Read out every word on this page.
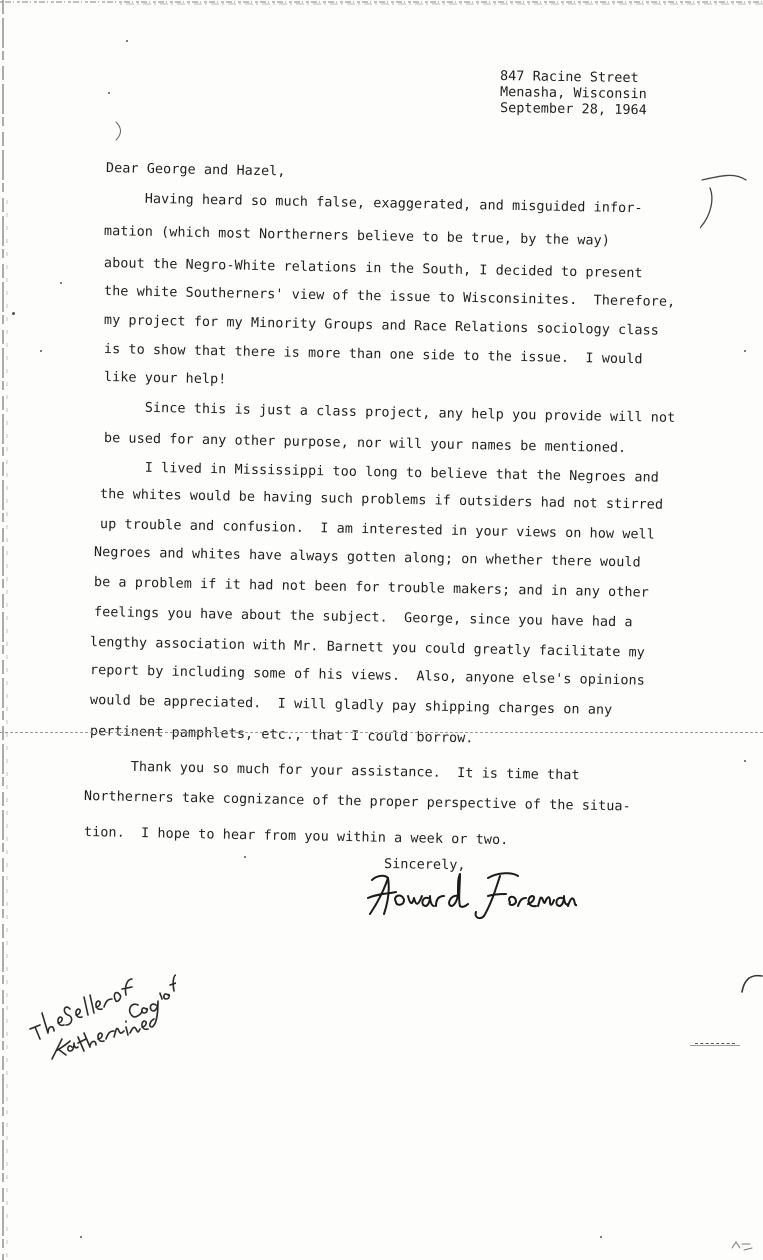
847 Racine Street
Menasha, Wisconsin
September 28, 1964
Dear George and Hazel,
Having heard so much false, exaggerated, and misguided infor-
mation (which most Northerners believe to be true, by the way)
about the Negro-White relations in the South, I decided to present
the white Southerners' view of the issue to Wisconsinites.  Therefore,
my project for my Minority Groups and Race Relations sociology class
is to show that there is more than one side to the issue.  I would
like your help!
Since this is just a class project, any help you provide will not
be used for any other purpose, nor will your names be mentioned.
I lived in Mississippi too long to believe that the Negroes and
the whites would be having such problems if outsiders had not stirred
up trouble and confusion.  I am interested in your views on how well
Negroes and whites have always gotten along; on whether there would
be a problem if it had not been for trouble makers; and in any other
feelings you have about the subject.  George, since you have had a
lengthy association with Mr. Barnett you could greatly facilitate my
report by including some of his views.  Also, anyone else's opinions
would be appreciated.  I will gladly pay shipping charges on any
pertinent pamphlets, etc., that I could borrow.
Thank you so much for your assistance.  It is time that
Northerners take cognizance of the proper perspective of the situa-
tion.  I hope to hear from you within a week or two.
Sincerely,
